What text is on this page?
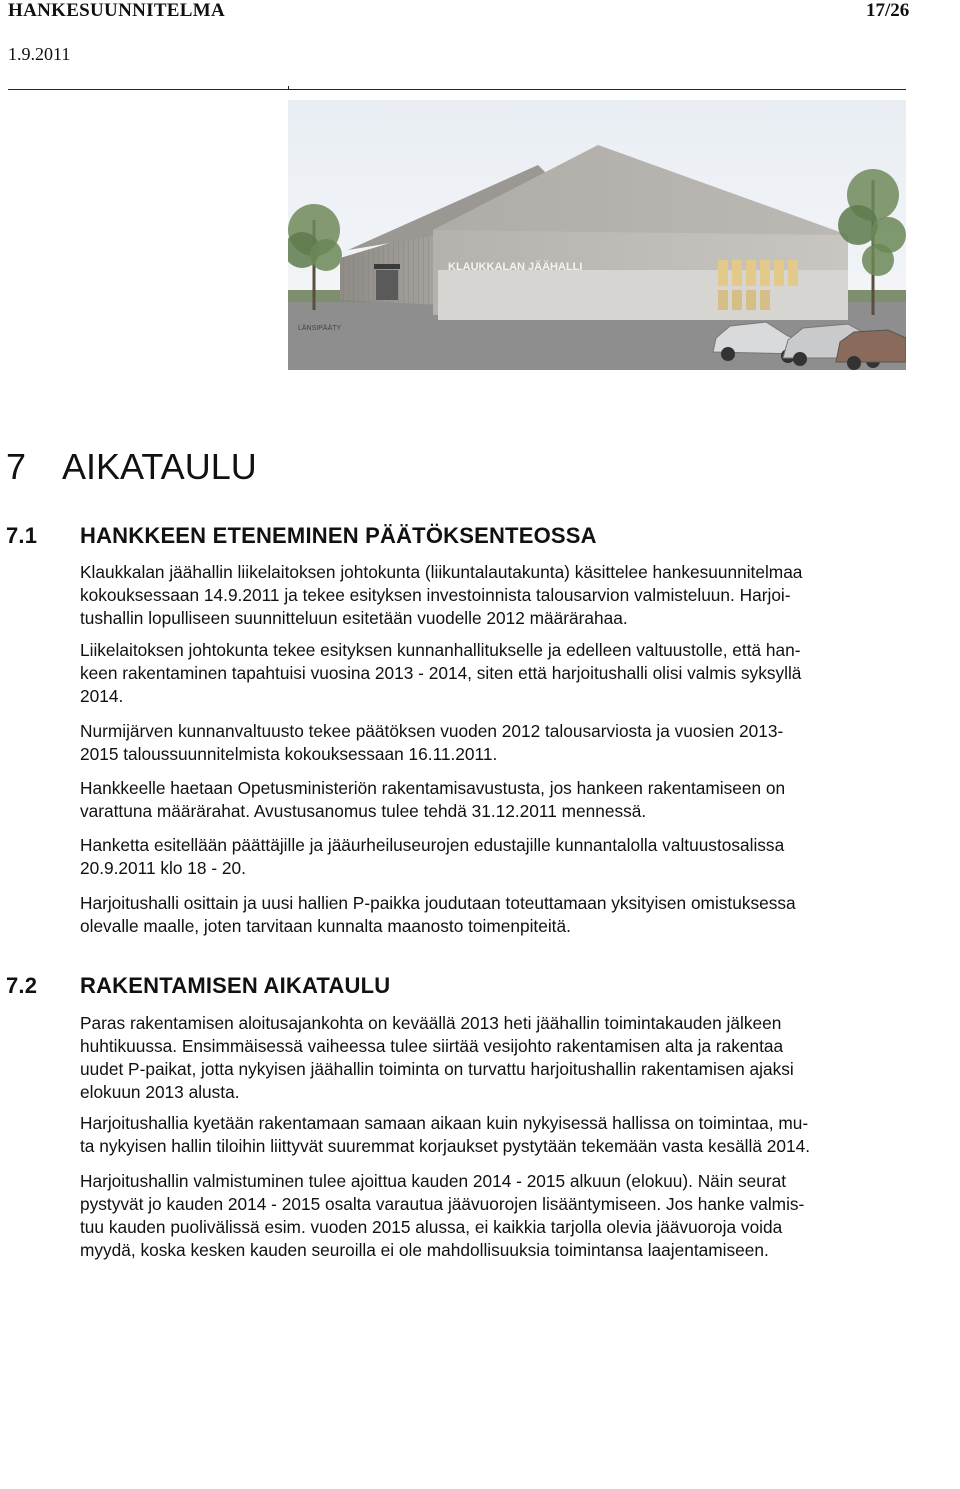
HANKESUUNNITELMA	17/26
1.9.2011
KLAUKKALAN JÄÄHALLI
LÄNSIPÄÄTY
7 AIKATAULU
7.1 HANKKEEN ETENEMINEN PÄÄTÖKSENTEOSSA

Klaukkalan jäähallin liikelaitoksen johtokunta (liikuntalautakunta) käsittelee hankesuunnitelmaa
kokouksessaan 14.9.2011 ja tekee esityksen investoinnista talousarvion valmisteluun. Harjoi-
tushallin lopulliseen suunnitteluun esitetään vuodelle 2012 määrärahaa.

Liikelaitoksen johtokunta tekee esityksen kunnanhallitukselle ja edelleen valtuustolle, että han-
keen rakentaminen tapahtuisi vuosina 2013 - 2014, siten että harjoitushalli olisi valmis syksyllä
2014.

Nurmijärven kunnanvaltuusto tekee päätöksen vuoden 2012 talousarviosta ja vuosien 2013-
2015 taloussuunnitelmista kokouksessaan 16.11.2011.

Hankkeelle haetaan Opetusministeriön rakentamisavustusta, jos hankeen rakentamiseen on
varattuna määrärahat. Avustusanomus tulee tehdä 31.12.2011 mennessä.

Hanketta esitellään päättäjille ja jääurheiluseurojen edustajille kunnantalolla valtuustosalissa
20.9.2011 klo 18 - 20.

Harjoitushalli osittain ja uusi hallien P-paikka joudutaan toteuttamaan yksityisen omistuksessa
olevalle maalle, joten tarvitaan kunnalta maanosto toimenpiteitä.

7.2 RAKENTAMISEN AIKATAULU

Paras rakentamisen aloitusajankohta on keväällä 2013 heti jäähallin toimintakauden jälkeen
huhtikuussa. Ensimmäisessä vaiheessa tulee siirtää vesijohto rakentamisen alta ja rakentaa
uudet P-paikat, jotta nykyisen jäähallin toiminta on turvattu harjoitushallin rakentamisen ajaksi
elokuun 2013 alusta.

Harjoitushallia kyetään rakentamaan samaan aikaan kuin nykyisessä hallissa on toimintaa, mu-
ta nykyisen hallin tiloihin liittyvät suuremmat korjaukset pystytään tekemään vasta kesällä 2014.

Harjoitushallin valmistuminen tulee ajoittua kauden 2014 - 2015 alkuun (elokuu). Näin seurat
pystyvät jo kauden 2014 - 2015 osalta varautua jäävuorojen lisääntymiseen. Jos hanke valmis-
tuu kauden puolivälissä esim. vuoden 2015 alussa, ei kaikkia tarjolla olevia jäävuoroja voida
myydä, koska kesken kauden seuroilla ei ole mahdollisuuksia toimintansa laajentamiseen.
